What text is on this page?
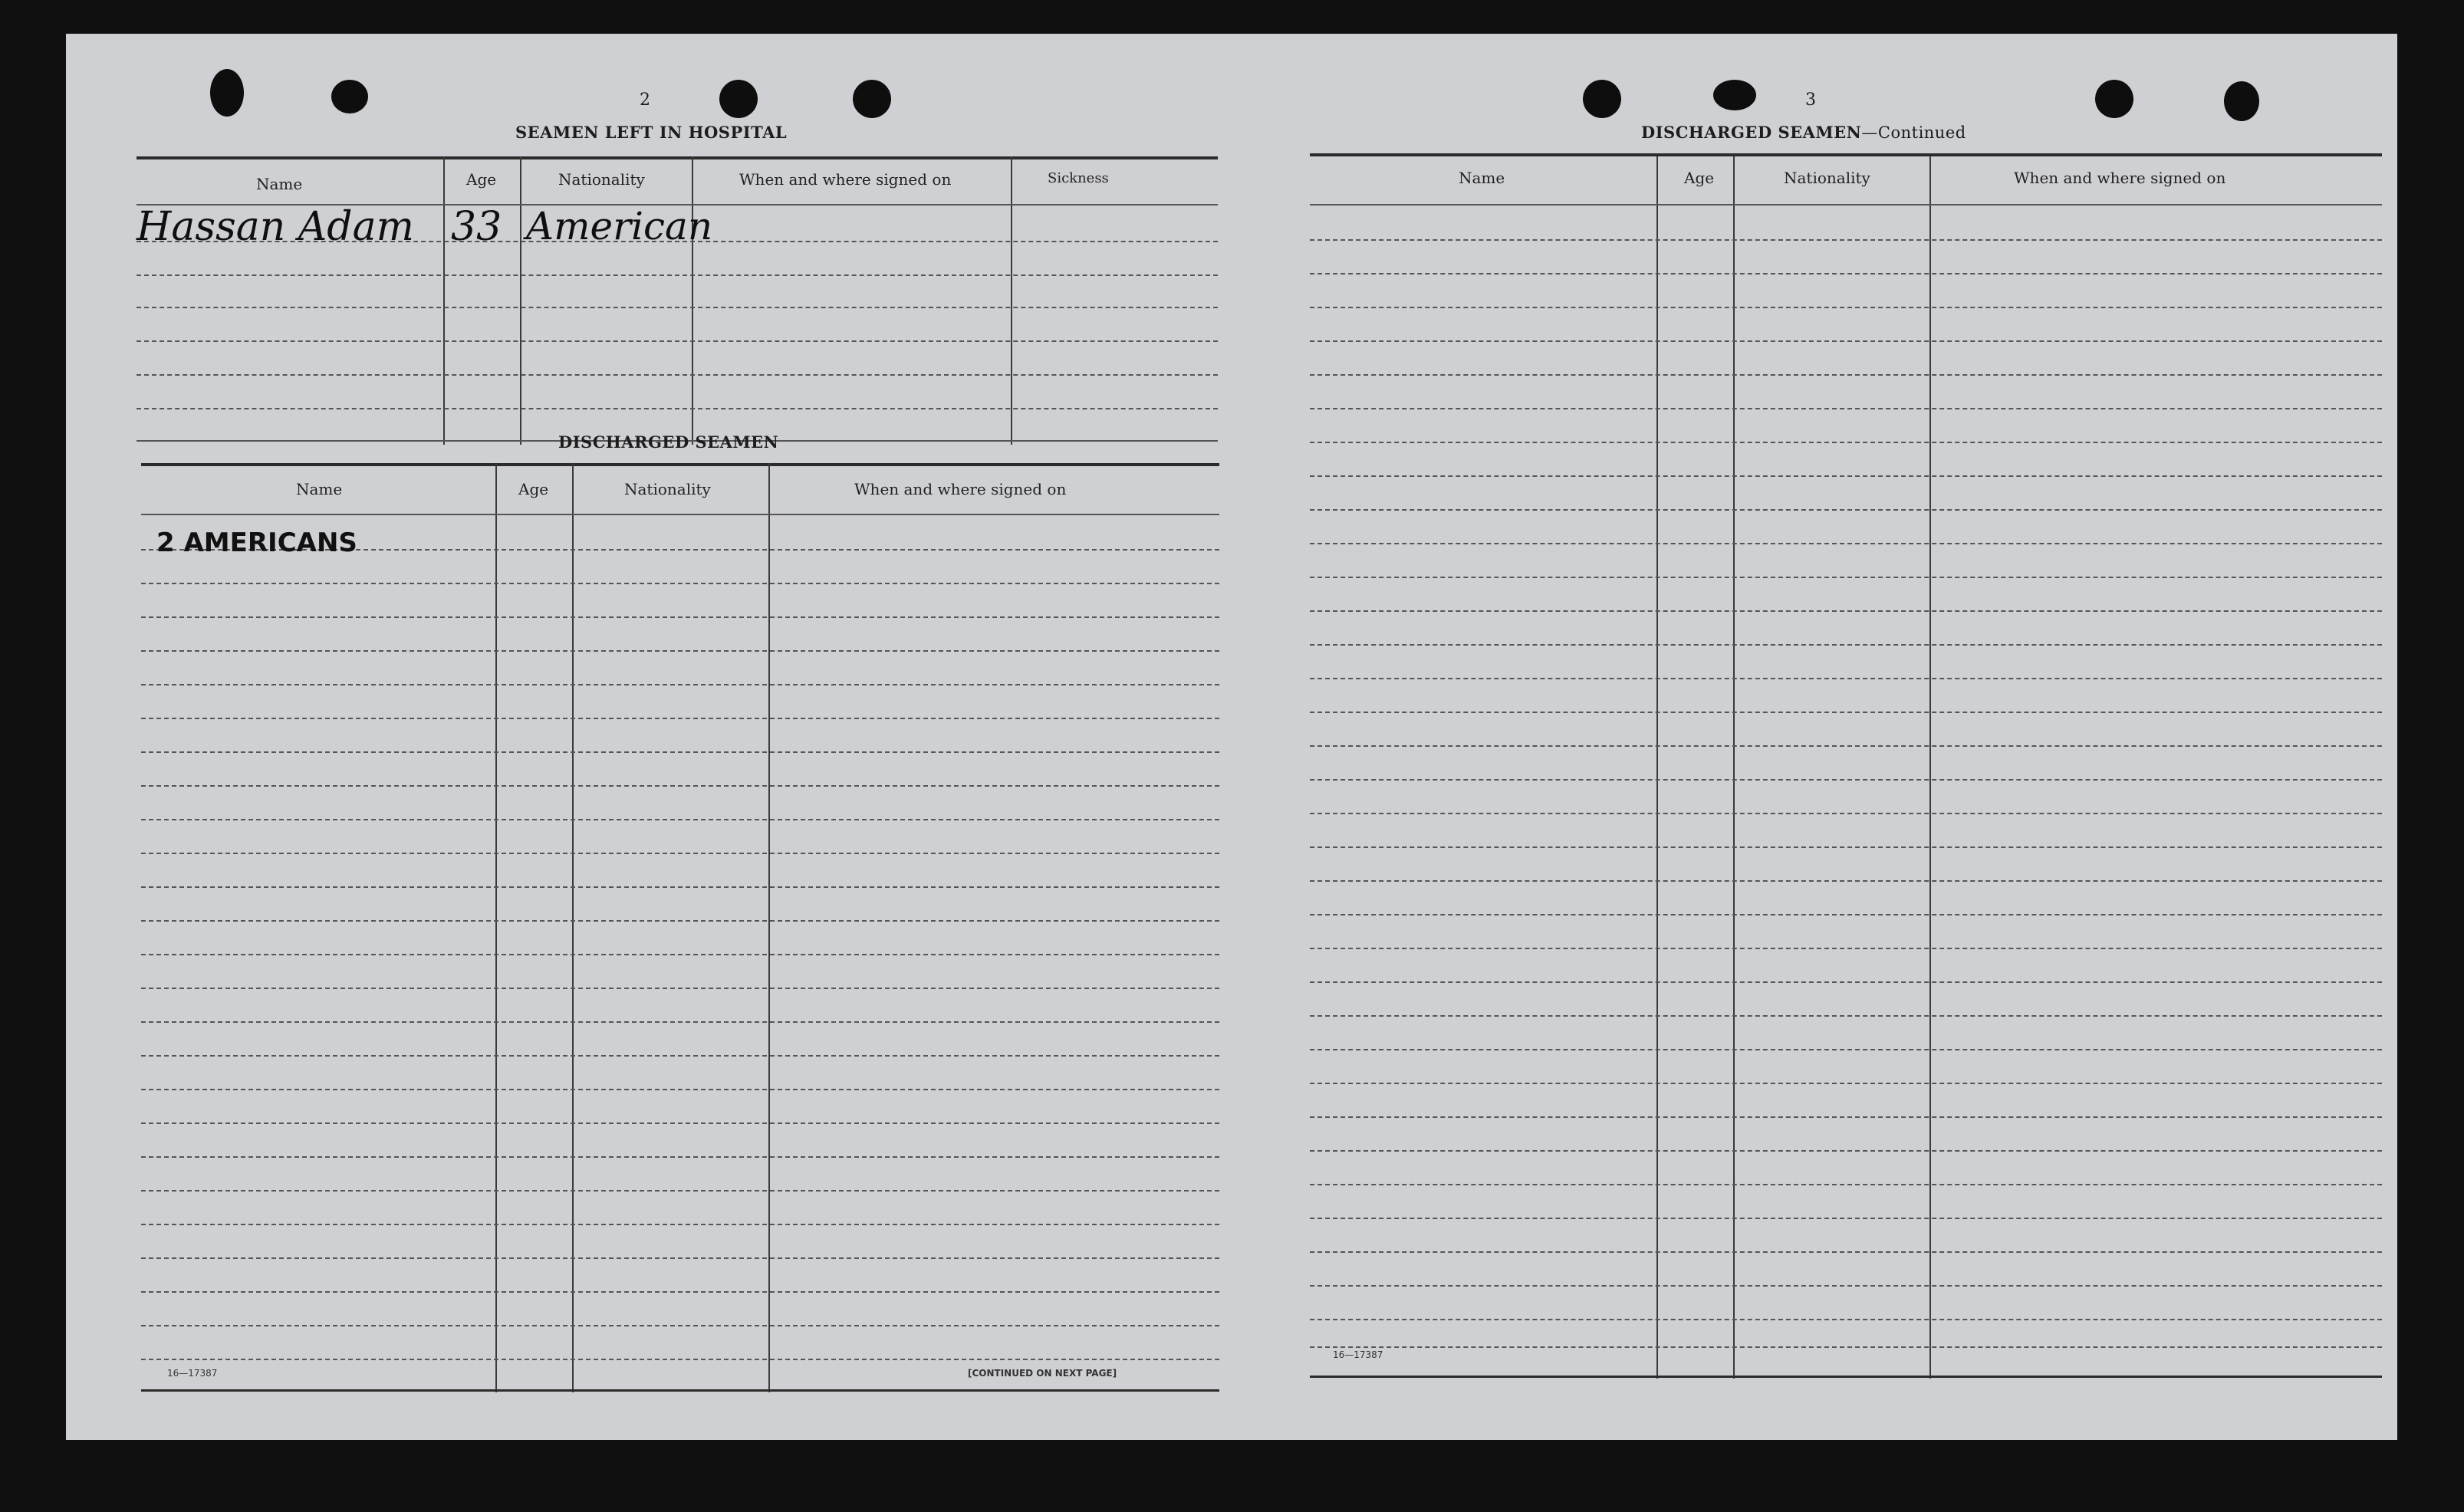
2
SEAMEN LEFT IN HOSPITAL
Name	Age	Nationality	When and where signed on	Sickness
Hassan Adam 33 American
DISCHARGED SEAMEN
Name	Age	Nationality	When and where signed on
2 AMERICANS
16—17387	[CONTINUED ON NEXT PAGE]
3
DISCHARGED SEAMEN—Continued
Name	Age	Nationality	When and where signed on
16—17387
